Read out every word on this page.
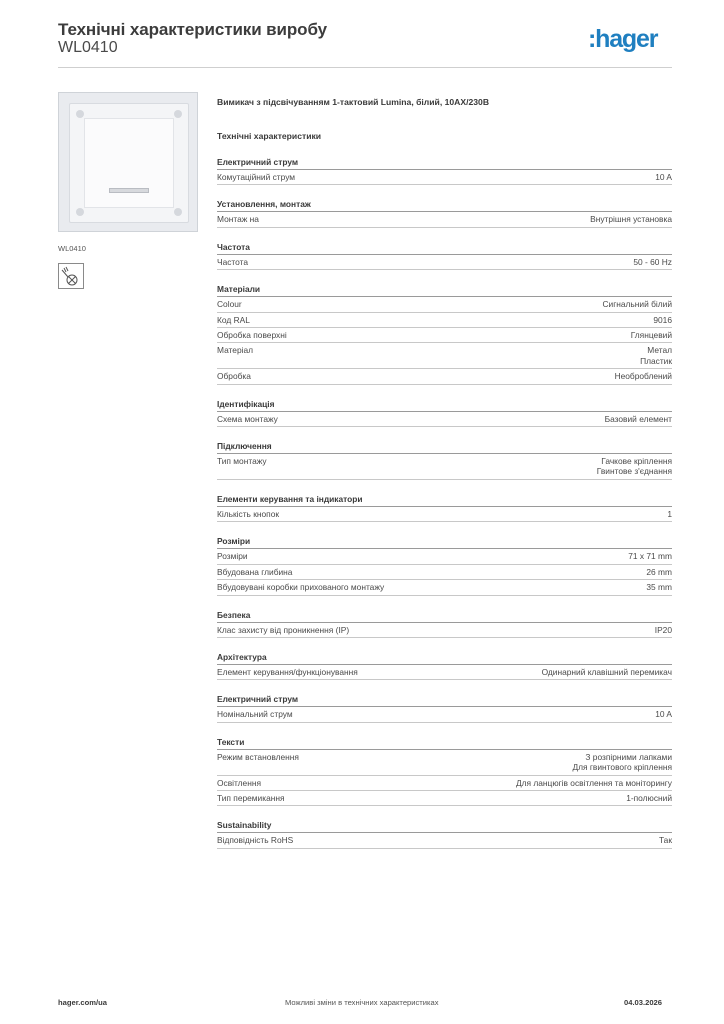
Технічні характеристики виробу
WL0410	:hager
WL0410
Вимикач з підсвічуванням 1-тактовий Lumina, білий, 10AX/230В
Технічні характеристики
Електричний струм
Комутаційний струм	10 A
Установлення, монтаж
Монтаж на	Внутрішня установка
Частота
Частота	50 - 60 Hz
Матеріали
Colour	Сигнальний білий
Код RAL	9016
Обробка поверхні	Глянцевий
Матеріал	Метал
Пластик
Обробка	Необроблений
Ідентифікація
Схема монтажу	Базовий елемент
Підключення
Тип монтажу	Гачкове кріплення
Гвинтове з'єднання
Елементи керування та індикатори
Кількість кнопок	1
Розміри
Розміри	71 x 71 mm
Вбудована глибина	26 mm
Вбудовувані коробки прихованого монтажу	35 mm
Безпека
Клас захисту від проникнення (IP)	IP20
Архітектура
Елемент керування/функціонування	Одинарний клавішний перемикач
Електричний струм
Номінальний струм	10 A
Тексти
Режим встановлення	З розпірними лапками
Для гвинтового кріплення
Освітлення	Для ланцюгів освітлення та моніторингу
Тип перемикання	1-полюсний
Sustainability
Відповідність RoHS	Так
hager.com/ua	Можливі зміни в технічних характеристиках	04.03.2026
